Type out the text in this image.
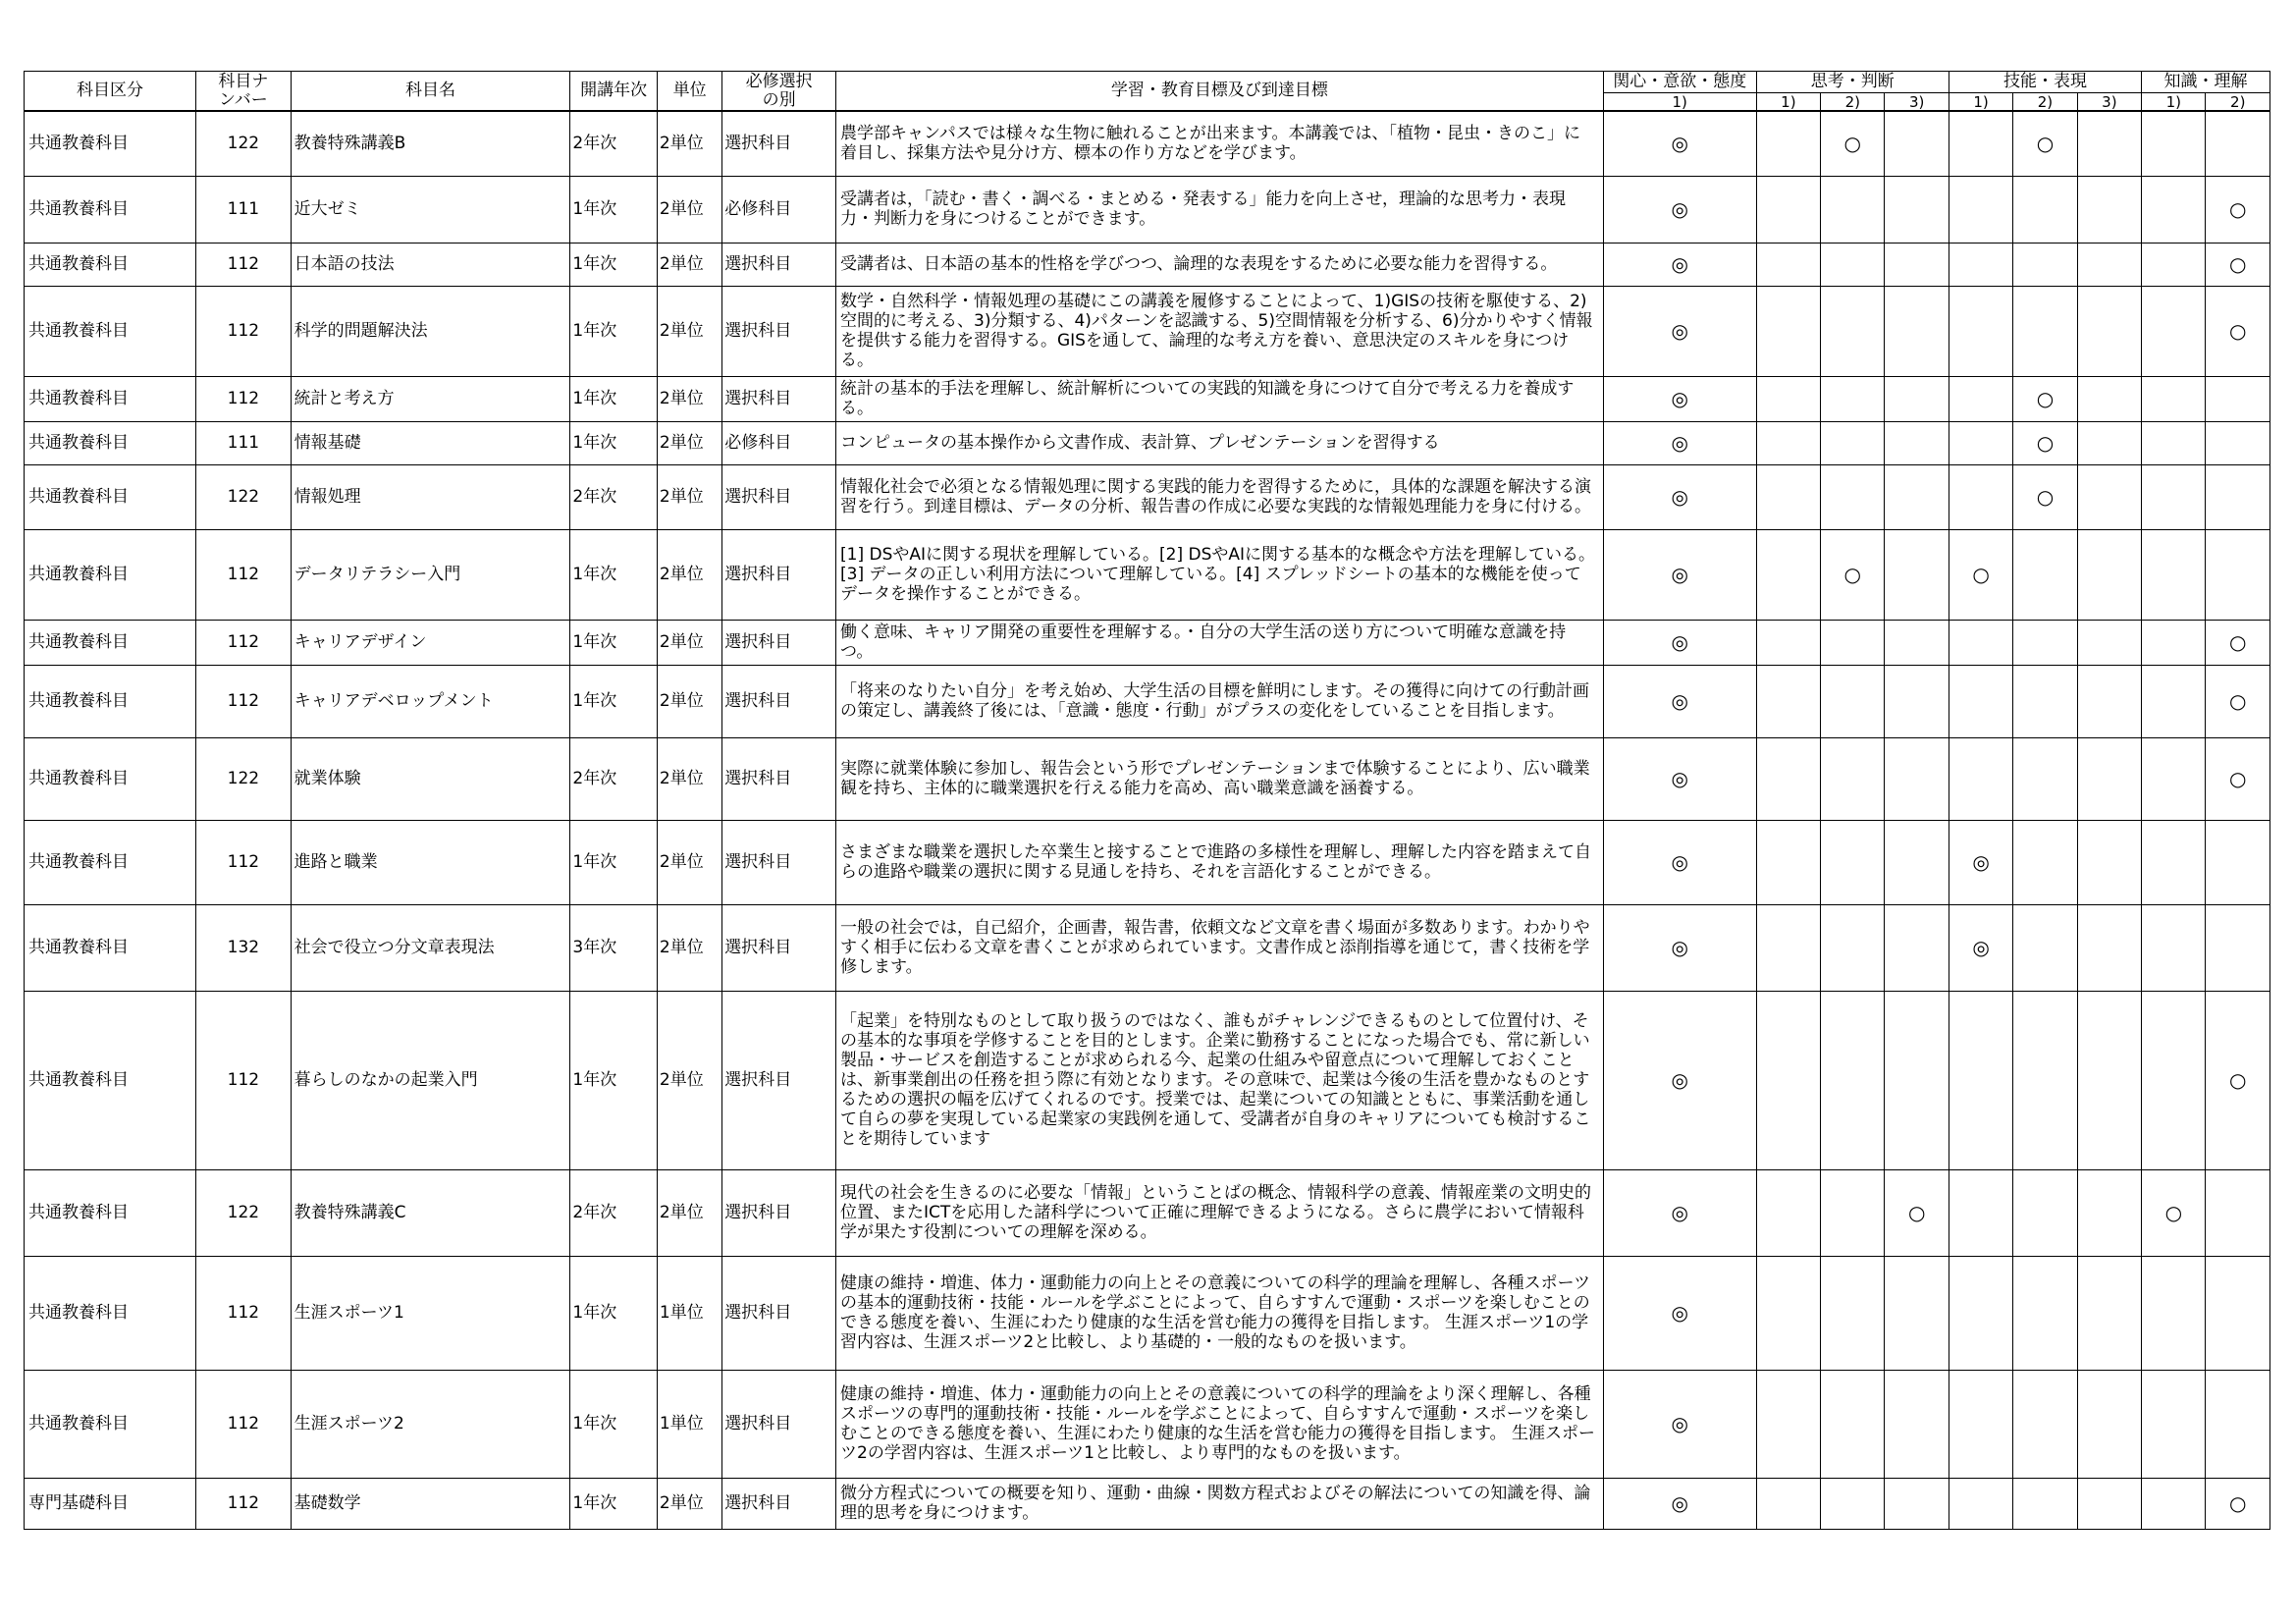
科目区分	科目ナンバー	科目名	開講年次	単位	必修選択の別	学習・教育目標及び到達目標	関心・意欲・態度	思考・判断			技能・表現			知識・理解	
							1)	1)	2)	3)	1)	2)	3)	1)	2)
共通教養科目	122	教養特殊講義B	2年次	2単位	選択科目	農学部キャンパスでは様々な生物に触れることが出来ます。本講義では、「植物・昆虫・きのこ」に着目し、採集方法や見分け方、標本の作り方などを学びます。	◎		○			○			
共通教養科目	111	近大ゼミ	1年次	2単位	必修科目	受講者は，「読む・書く・調べる・まとめる・発表する」能力を向上させ，理論的な思考力・表現力・判断力を身につけることができます。	◎								○
共通教養科目	112	日本語の技法	1年次	2単位	選択科目	受講者は、日本語の基本的性格を学びつつ、論理的な表現をするために必要な能力を習得する。	◎								○
共通教養科目	112	科学的問題解決法	1年次	2単位	選択科目	数学・自然科学・情報処理の基礎にこの講義を履修することによって、1)GISの技術を駆使する、2)空間的に考える、3)分類する、4)パターンを認識する、5)空間情報を分析する、6)分かりやすく情報を提供する能力を習得する。GISを通して、論理的な考え方を養い、意思決定のスキルを身につける。	◎								○
共通教養科目	112	統計と考え方	1年次	2単位	選択科目	統計の基本的手法を理解し、統計解析についての実践的知識を身につけて自分で考える力を養成する。	◎					○			
共通教養科目	111	情報基礎	1年次	2単位	必修科目	コンピュータの基本操作から文書作成、表計算、プレゼンテーションを習得する	◎					○			
共通教養科目	122	情報処理	2年次	2単位	選択科目	情報化社会で必須となる情報処理に関する実践的能力を習得するために，具体的な課題を解決する演習を行う。到達目標は、データの分析、報告書の作成に必要な実践的な情報処理能力を身に付ける。	◎					○			
共通教養科目	112	データリテラシー入門	1年次	2単位	選択科目	[1] DSやAIに関する現状を理解している。[2] DSやAIに関する基本的な概念や方法を理解している。[3] データの正しい利用方法について理解している。[4] スプレッドシートの基本的な機能を使ってデータを操作することができる。	◎		○		○				
共通教養科目	112	キャリアデザイン	1年次	2単位	選択科目	働く意味、キャリア開発の重要性を理解する。・自分の大学生活の送り方について明確な意識を持つ。	◎								○
共通教養科目	112	キャリアデベロップメント	1年次	2単位	選択科目	「将来のなりたい自分」を考え始め、大学生活の目標を鮮明にします。その獲得に向けての行動計画の策定し、講義終了後には、「意識・態度・行動」がプラスの変化をしていることを目指します。	◎								○
共通教養科目	122	就業体験	2年次	2単位	選択科目	実際に就業体験に参加し、報告会という形でプレゼンテーションまで体験することにより、広い職業観を持ち、主体的に職業選択を行える能力を高め、高い職業意識を涵養する。	◎								○
共通教養科目	112	進路と職業	1年次	2単位	選択科目	さまざまな職業を選択した卒業生と接することで進路の多様性を理解し、理解した内容を踏まえて自らの進路や職業の選択に関する見通しを持ち、それを言語化することができる。	◎				◎				
共通教養科目	132	社会で役立つ分文章表現法	3年次	2単位	選択科目	一般の社会では，自己紹介，企画書，報告書，依頼文など文章を書く場面が多数あります。わかりやすく相手に伝わる文章を書くことが求められています。文書作成と添削指導を通じて，書く技術を学修します。	◎				◎				
共通教養科目	112	暮らしのなかの起業入門	1年次	2単位	選択科目	「起業」を特別なものとして取り扱うのではなく、誰もがチャレンジできるものとして位置付け、その基本的な事項を学修することを目的とします。企業に勤務することになった場合でも、常に新しい製品・サービスを創造することが求められる今、起業の仕組みや留意点について理解しておくことは、新事業創出の任務を担う際に有効となります。その意味で、起業は今後の生活を豊かなものとするための選択の幅を広げてくれるのです。授業では、起業についての知識とともに、事業活動を通して自らの夢を実現している起業家の実践例を通して、受講者が自身のキャリアについても検討することを期待しています	◎								○
共通教養科目	122	教養特殊講義C	2年次	2単位	選択科目	現代の社会を生きるのに必要な「情報」ということばの概念、情報科学の意義、情報産業の文明史的位置、またICTを応用した諸科学について正確に理解できるようになる。さらに農学において情報科学が果たす役割についての理解を深める。	◎			○				○	
共通教養科目	112	生涯スポーツ1	1年次	1単位	選択科目	健康の維持・増進、体力・運動能力の向上とその意義についての科学的理論を理解し、各種スポーツの基本的運動技術・技能・ルールを学ぶことによって、自らすすんで運動・スポーツを楽しむことのできる態度を養い、生涯にわたり健康的な生活を営む能力の獲得を目指します。 生涯スポーツ1の学習内容は、生涯スポーツ2と比較し、より基礎的・一般的なものを扱います。	◎								
共通教養科目	112	生涯スポーツ2	1年次	1単位	選択科目	健康の維持・増進、体力・運動能力の向上とその意義についての科学的理論をより深く理解し、各種スポーツの専門的運動技術・技能・ルールを学ぶことによって、自らすすんで運動・スポーツを楽しむことのできる態度を養い、生涯にわたり健康的な生活を営む能力の獲得を目指します。 生涯スポーツ2の学習内容は、生涯スポーツ1と比較し、より専門的なものを扱います。	◎								
専門基礎科目	112	基礎数学	1年次	2単位	選択科目	微分方程式についての概要を知り、運動・曲線・関数方程式およびその解法についての知識を得、論理的思考を身につけます。	◎								○
